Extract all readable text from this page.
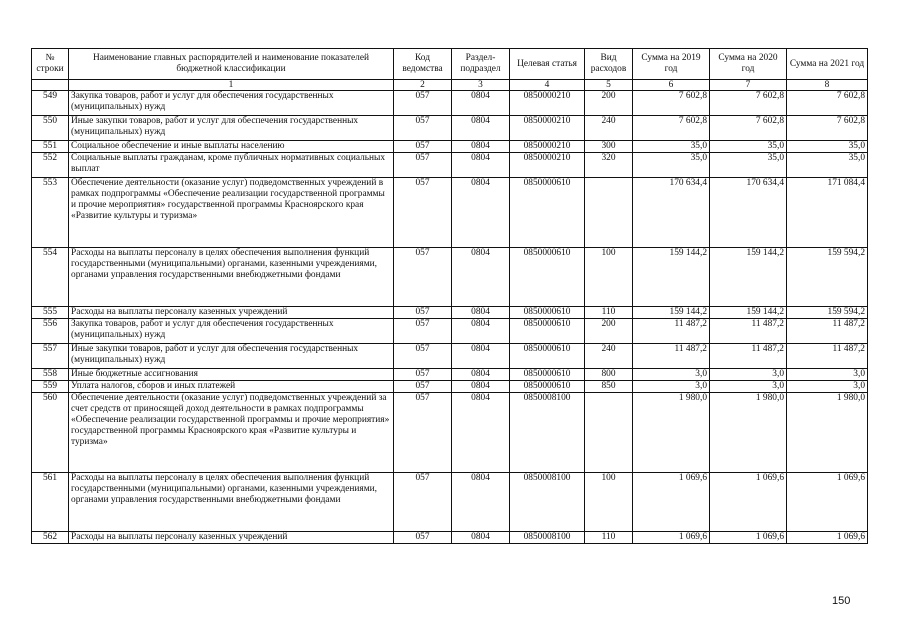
№ строки	Наименование главных распорядителей и наименование показателей бюджетной классификации	Код ведомства	Раздел-подраздел	Целевая статья	Вид расходов	Сумма на 2019 год	Сумма на 2020 год	Сумма на 2021 год
	1	2	3	4	5	6	7	8
549	Закупка товаров, работ и услуг для обеспечения государственных (муниципальных) нужд	057	0804	0850000210	200	7 602,8	7 602,8	7 602,8
550	Иные закупки товаров, работ и услуг для обеспечения государственных (муниципальных) нужд	057	0804	0850000210	240	7 602,8	7 602,8	7 602,8
551	Социальное обеспечение и иные выплаты населению	057	0804	0850000210	300	35,0	35,0	35,0
552	Социальные выплаты гражданам, кроме публичных нормативных социальных выплат	057	0804	0850000210	320	35,0	35,0	35,0
553	Обеспечение деятельности (оказание услуг) подведомственных учреждений в рамках подпрограммы «Обеспечение реализации государственной программы и прочие мероприятия» государственной программы Красноярского края «Развитие культуры и туризма»	057	0804	0850000610		170 634,4	170 634,4	171 084,4
554	Расходы на выплаты персоналу в целях обеспечения выполнения функций государственными (муниципальными) органами, казенными учреждениями, органами управления государственными внебюджетными фондами	057	0804	0850000610	100	159 144,2	159 144,2	159 594,2
555	Расходы на выплаты персоналу казенных учреждений	057	0804	0850000610	110	159 144,2	159 144,2	159 594,2
556	Закупка товаров, работ и услуг для обеспечения государственных (муниципальных) нужд	057	0804	0850000610	200	11 487,2	11 487,2	11 487,2
557	Иные закупки товаров, работ и услуг для обеспечения государственных (муниципальных) нужд	057	0804	0850000610	240	11 487,2	11 487,2	11 487,2
558	Иные бюджетные ассигнования	057	0804	0850000610	800	3,0	3,0	3,0
559	Уплата налогов, сборов и иных платежей	057	0804	0850000610	850	3,0	3,0	3,0
560	Обеспечение деятельности (оказание услуг) подведомственных учреждений за счет средств от приносящей доход деятельности в рамках подпрограммы «Обеспечение реализации государственной программы и прочие мероприятия» государственной программы Красноярского края «Развитие культуры и туризма»	057	0804	0850008100		1 980,0	1 980,0	1 980,0
561	Расходы на выплаты персоналу в целях обеспечения выполнения функций государственными (муниципальными) органами, казенными учреждениями, органами управления государственными внебюджетными фондами	057	0804	0850008100	100	1 069,6	1 069,6	1 069,6
562	Расходы на выплаты персоналу казенных учреждений	057	0804	0850008100	110	1 069,6	1 069,6	1 069,6
150
